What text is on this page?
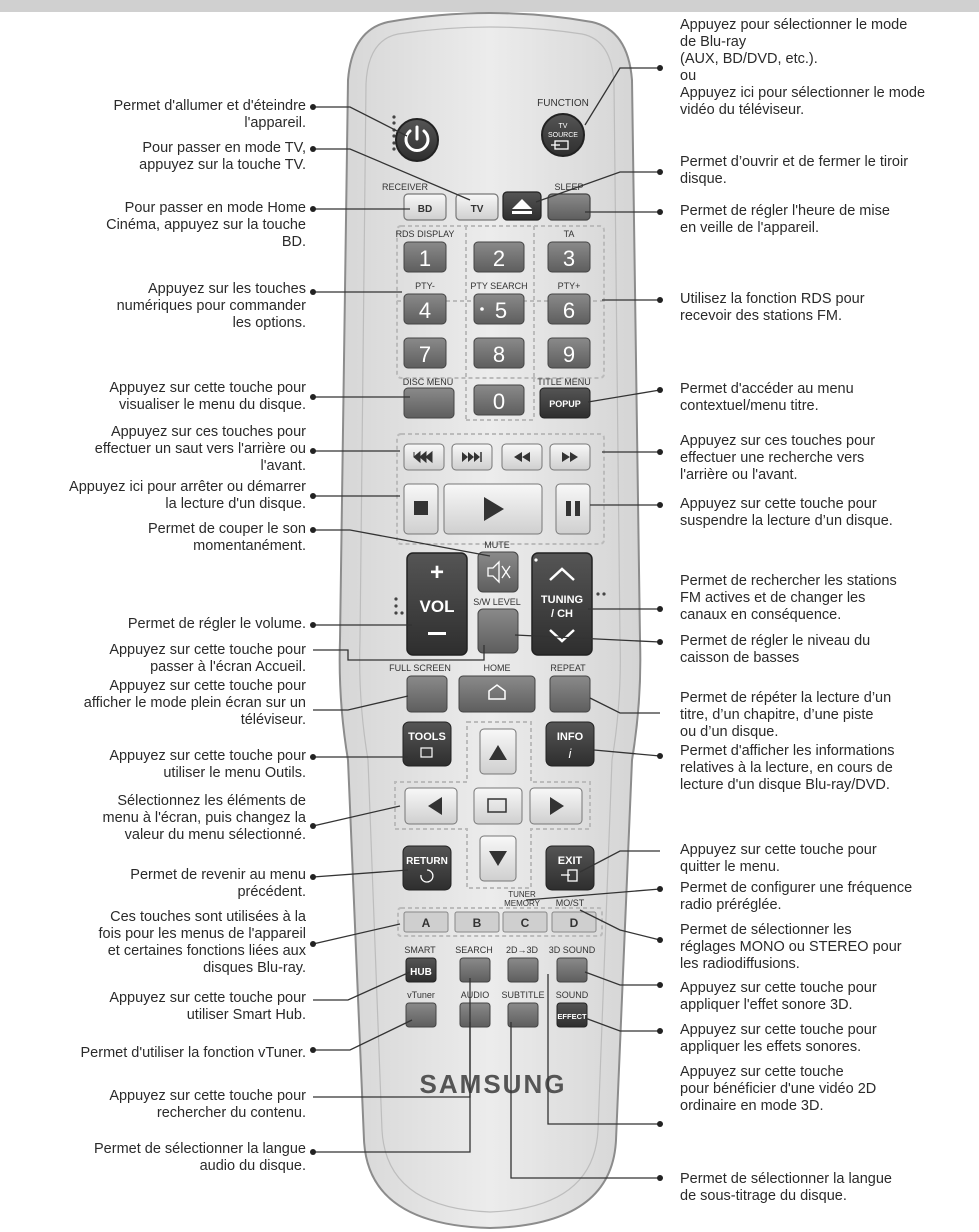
Permet d'allumer et d'éteindre
l'appareil.
Pour passer en mode TV,
appuyez sur la touche TV.
Pour passer en mode Home
Cinéma, appuyez sur la touche
BD.
Appuyez sur les touches
numériques pour commander
les options.
Appuyez sur cette touche pour
visualiser le menu du disque.
Appuyez sur ces touches pour
effectuer un saut vers l'arrière ou
l'avant.
Appuyez ici pour arrêter ou démarrer
la lecture d'un disque.
Permet de couper le son
momentanément.
Permet de régler le volume.
Appuyez sur cette touche pour
passer à l'écran Accueil.
Appuyez sur cette touche pour
afficher le mode plein écran sur un
téléviseur.
Appuyez sur cette touche pour
utiliser le menu Outils.
Sélectionnez les éléments de
menu à l'écran, puis changez la
valeur du menu sélectionné.
Permet de revenir au menu
précédent.
Ces touches sont utilisées à la
fois pour les menus de l'appareil
et certaines fonctions liées aux
disques Blu-ray.
Appuyez sur cette touche pour
utiliser Smart Hub.
Permet d'utiliser la fonction vTuner.
Appuyez sur cette touche pour
rechercher du contenu.
Permet de sélectionner la langue
audio du disque.
Appuyez pour sélectionner le mode
de Blu-ray
(AUX, BD/DVD, etc.).
ou
Appuyez ici pour sélectionner le mode
vidéo du téléviseur.
Permet d’ouvrir et de fermer le tiroir
disque.
Permet de régler l'heure de mise
en veille de l'appareil.
Utilisez la fonction RDS pour
recevoir des stations FM.
Permet d'accéder au menu
contextuel/menu titre.
Appuyez sur ces touches pour
effectuer une recherche vers
l'arrière ou l'avant.
Appuyez sur cette touche pour
suspendre la lecture d’un disque.
Permet de rechercher les stations
FM actives et de changer les
canaux en conséquence.
Permet de régler le niveau du
caisson de basses
Permet de répéter la lecture d’un
titre, d’un chapitre, d’une piste
ou d’un disque.
Permet d'afficher les informations
relatives à la lecture, en cours de
lecture d'un disque Blu-ray/DVD.
Appuyez sur cette touche pour
quitter le menu.
Permet de configurer une fréquence
radio préréglée.
Permet de sélectionner les
réglages MONO ou STEREO pour
les radiodiffusions.
Appuyez sur cette touche pour
appliquer l'effet sonore 3D.
Appuyez sur cette touche pour
appliquer les effets sonores.
Appuyez sur cette touche
pour bénéficier d'une vidéo 2D
ordinaire en mode 3D.
Permet de sélectionner la langue
de sous-titrage du disque.
FUNCTION
TV
SOURCE
RECEIVER
BD	TV
SLEEP
RDS DISPLAY	TA
PTY-	PTY SEARCH	PTY+
1	2	3
4	5	6
7	8	9
0
DISC MENU	TITLE MENU
POPUP
+
VOL
MUTE
S/W LEVEL TUNING
/ CH
FULL SCREEN	HOME	REPEAT
TOOLS	INFO
i
RETURN	EXIT
TUNER
MEMORY MO/ST
A	B	C	D
SMART
HUB
SEARCH 2D→3D 3D SOUND
vTuner	AUDIO SUBTITLE SOUND
EFFECT
SAMSUNG
